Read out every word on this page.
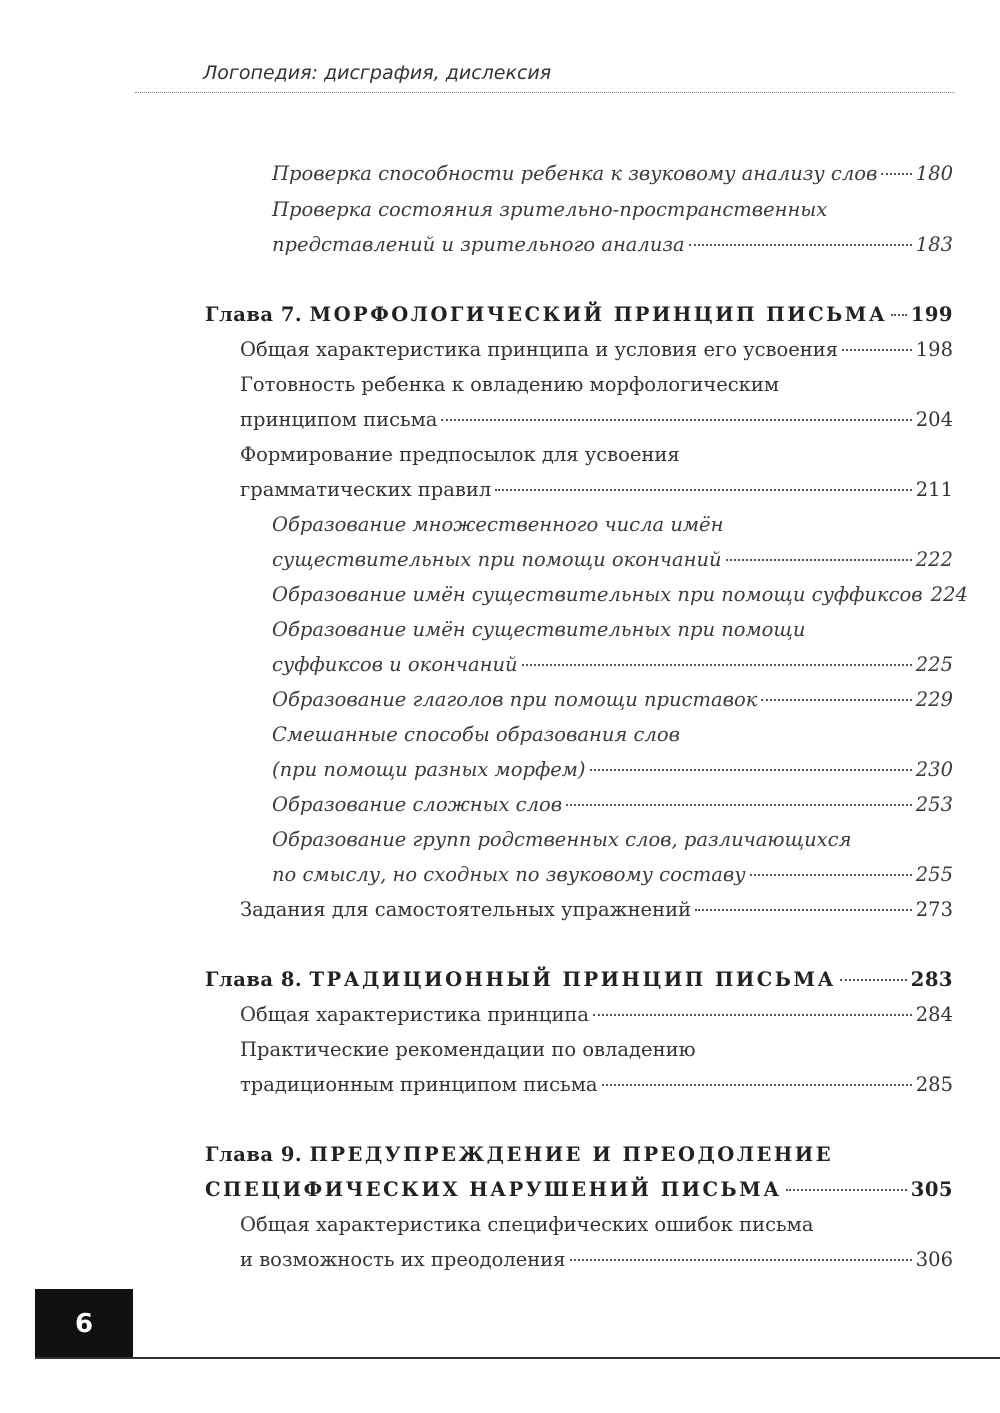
Логопедия: дисграфия, дислексия
Проверка способности ребенка к звуковому анализу слов 180
Проверка состояния зрительно-пространственных
представлений и зрительного анализа	183
Глава 7. МОРФОЛОГИЧЕСКИЙ ПРИНЦИП ПИСЬМА 199
Общая характеристика принципа и условия его усвоения	198
Готовность ребенка к овладению морфологическим
принципом письма	204
Формирование предпосылок для усвоения
грамматических правил	211
Образование множественного числа имён
существительных при помощи окончаний	222
Образование имён существительных при помощи суффиксов 224
Образование имён существительных при помощи
суффиксов и окончаний	225
Образование глаголов при помощи приставок	229
Смешанные способы образования слов
(при помощи разных морфем)	230
Образование сложных слов	253
Образование групп родственных слов, различающихся
по смыслу, но сходных по звуковому составу	255
Задания для самостоятельных упражнений	273
Глава 8. ТРАДИЦИОННЫЙ ПРИНЦИП ПИСЬМА	283
Общая характеристика принципа	284
Практические рекомендации по овладению
традиционным принципом письма	285
Глава 9. ПРЕДУПРЕЖДЕНИЕ И ПРЕОДОЛЕНИЕ
СПЕЦИФИЧЕСКИХ НАРУШЕНИЙ ПИСЬМА	305
Общая характеристика специфических ошибок письма
и возможность их преодоления	306
6
